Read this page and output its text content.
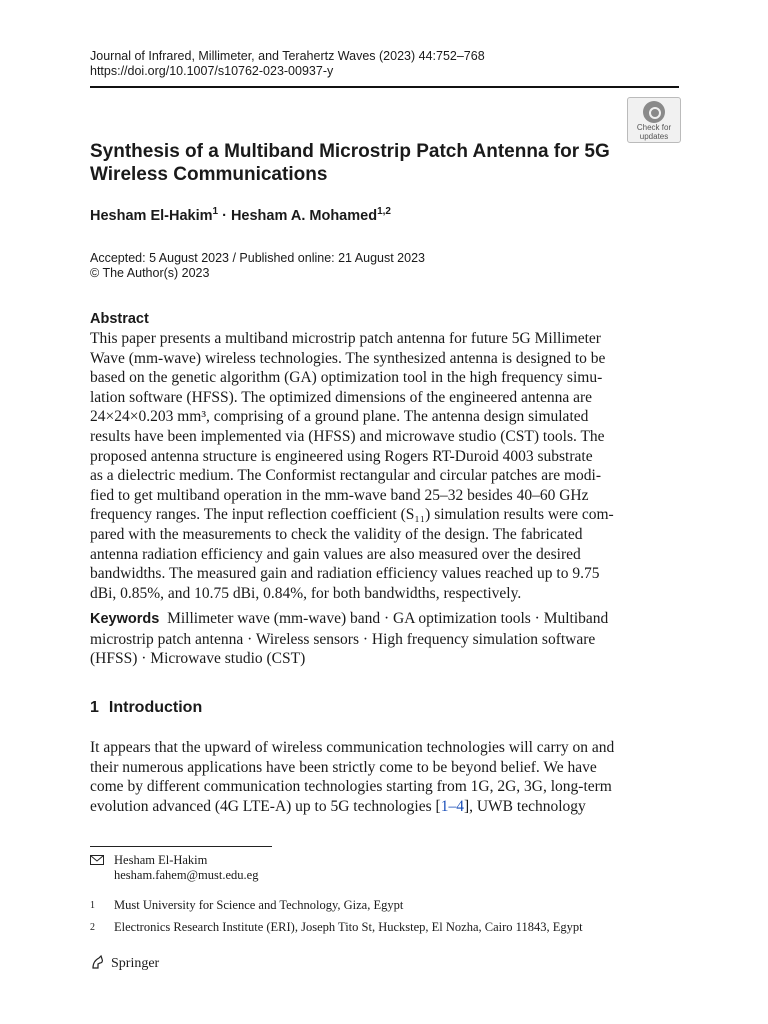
Journal of Infrared, Millimeter, and Terahertz Waves (2023) 44:752–768
https://doi.org/10.1007/s10762-023-00937-y
Check for
updates
Synthesis of a Multiband Microstrip Patch Antenna for 5G
Wireless Communications
Hesham El-Hakim$^1$ · Hesham A. Mohamed$^{1,2}$
Accepted: 5 August 2023 / Published online: 21 August 2023
© The Author(s) 2023
Abstract
This paper presents a multiband microstrip patch antenna for future 5G Millimeter
Wave (mm-wave) wireless technologies. The synthesized antenna is designed to be
based on the genetic algorithm (GA) optimization tool in the high frequency simu-
lation software (HFSS). The optimized dimensions of the engineered antenna are
24×24×0.203 mm³, comprising of a ground plane. The antenna design simulated
results have been implemented via (HFSS) and microwave studio (CST) tools. The
proposed antenna structure is engineered using Rogers RT-Duroid 4003 substrate
as a dielectric medium. The Conformist rectangular and circular patches are modi-
fied to get multiband operation in the mm-wave band 25–32 besides 40–60 GHz
frequency ranges. The input reflection coefficient (S₁₁) simulation results were com-
pared with the measurements to check the validity of the design. The fabricated
antenna radiation efficiency and gain values are also measured over the desired
bandwidths. The measured gain and radiation efficiency values reached up to 9.75
dBi, 0.85%, and 10.75 dBi, 0.84%, for both bandwidths, respectively.
Keywords Millimeter wave (mm-wave) band · GA optimization tools · Multiband
microstrip patch antenna · Wireless sensors · High frequency simulation software
(HFSS) · Microwave studio (CST)
1 Introduction
It appears that the upward of wireless communication technologies will carry on and
their numerous applications have been strictly come to be beyond belief. We have
come by different communication technologies starting from 1G, 2G, 3G, long-term
evolution advanced (4G LTE-A) up to 5G technologies [1–4], UWB technology
Hesham El-Hakim
hesham.fahem@must.edu.eg
1 Must University for Science and Technology, Giza, Egypt
2 Electronics Research Institute (ERI), Joseph Tito St, Huckstep, El Nozha, Cairo 11843, Egypt
Springer
